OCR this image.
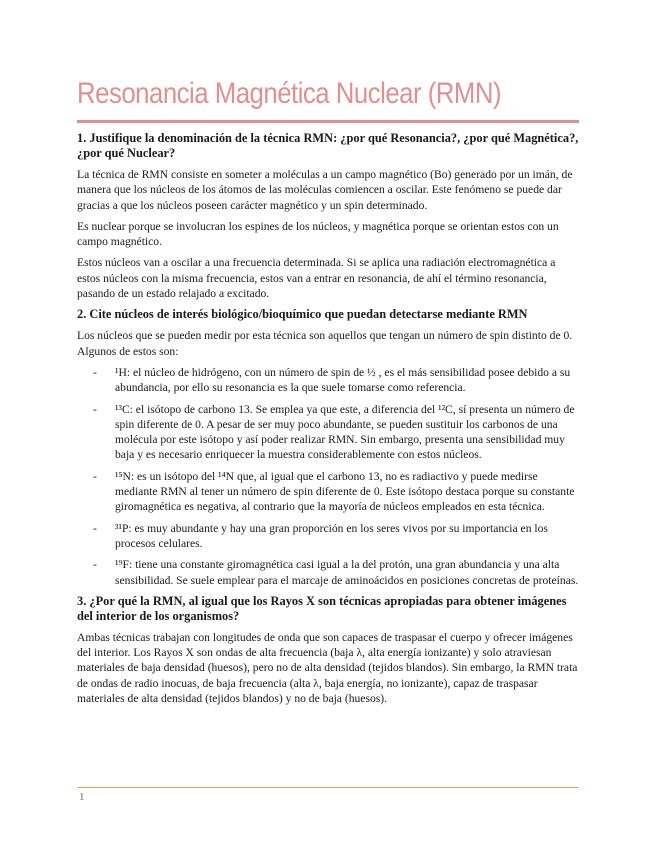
Resonancia Magnética Nuclear (RMN)
1. Justifique la denominación de la técnica RMN: ¿por qué Resonancia?, ¿por qué Magnética?, ¿por qué Nuclear?

La técnica de RMN consiste en someter a moléculas a un campo magnético (Bo) generado por un imán, de manera que los núcleos de los átomos de las moléculas comiencen a oscilar. Este fenómeno se puede dar gracias a que los núcleos poseen carácter magnético y un spin determinado.

Es nuclear porque se involucran los espines de los núcleos, y magnética porque se orientan estos con un campo magnético.

Estos núcleos van a oscilar a una frecuencia determinada. Si se aplica una radiación electromagnética a estos núcleos con la misma frecuencia, estos van a entrar en resonancia, de ahí el término resonancia, pasando de un estado relajado a excitado.

2. Cite núcleos de interés biológico/bioquímico que puedan detectarse mediante RMN

Los núcleos que se pueden medir por esta técnica son aquellos que tengan un número de spin distinto de 0. Algunos de estos son:

- ¹H: el núcleo de hidrógeno, con un número de spin de ½ , es el más sensibilidad posee debido a su abundancia, por ello su resonancia es la que suele tomarse como referencia.
- ¹³C: el isótopo de carbono 13. Se emplea ya que este, a diferencia del ¹²C, sí presenta un número de spin diferente de 0. A pesar de ser muy poco abundante, se pueden sustituir los carbonos de una molécula por este isótopo y así poder realizar RMN. Sin embargo, presenta una sensibilidad muy baja y es necesario enriquecer la muestra considerablemente con estos núcleos.
- ¹⁵N: es un isótopo del ¹⁴N que, al igual que el carbono 13, no es radiactivo y puede medirse mediante RMN al tener un número de spin diferente de 0. Este isótopo destaca porque su constante giromagnética es negativa, al contrario que la mayoría de núcleos empleados en esta técnica.
- ³¹P: es muy abundante y hay una gran proporción en los seres vivos por su importancia en los procesos celulares.
- ¹⁹F: tiene una constante giromagnética casi igual a la del protón, una gran abundancia y una alta sensibilidad. Se suele emplear para el marcaje de aminoácidos en posiciones concretas de proteínas.
3. ¿Por qué la RMN, al igual que los Rayos X son técnicas apropiadas para obtener imágenes del interior de los organismos?

Ambas técnicas trabajan con longitudes de onda que son capaces de traspasar el cuerpo y ofrecer imágenes del interior. Los Rayos X son ondas de alta frecuencia (baja λ, alta energía ionizante) y solo atraviesan materiales de baja densidad (huesos), pero no de alta densidad (tejidos blandos). Sin embargo, la RMN trata de ondas de radio inocuas, de baja frecuencia (alta λ, baja energía, no ionizante), capaz de traspasar materiales de alta densidad (tejidos blandos) y no de baja (huesos).

1
